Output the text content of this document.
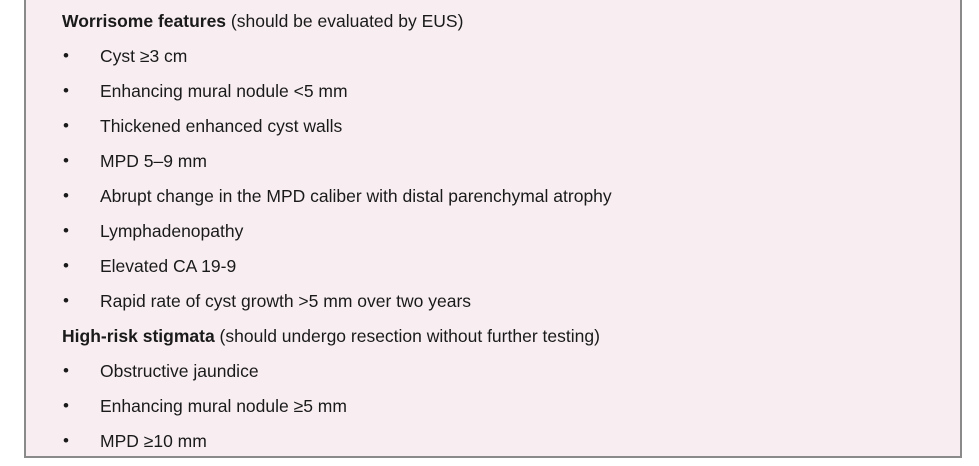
Worrisome features (should be evaluated by EUS)
• Cyst ≥3 cm
• Enhancing mural nodule <5 mm
• Thickened enhanced cyst walls
• MPD 5–9 mm
• Abrupt change in the MPD caliber with distal parenchymal atrophy
• Lymphadenopathy
• Elevated CA 19-9
• Rapid rate of cyst growth >5 mm over two years
High-risk stigmata (should undergo resection without further testing)
• Obstructive jaundice
• Enhancing mural nodule ≥5 mm
• MPD ≥10 mm
